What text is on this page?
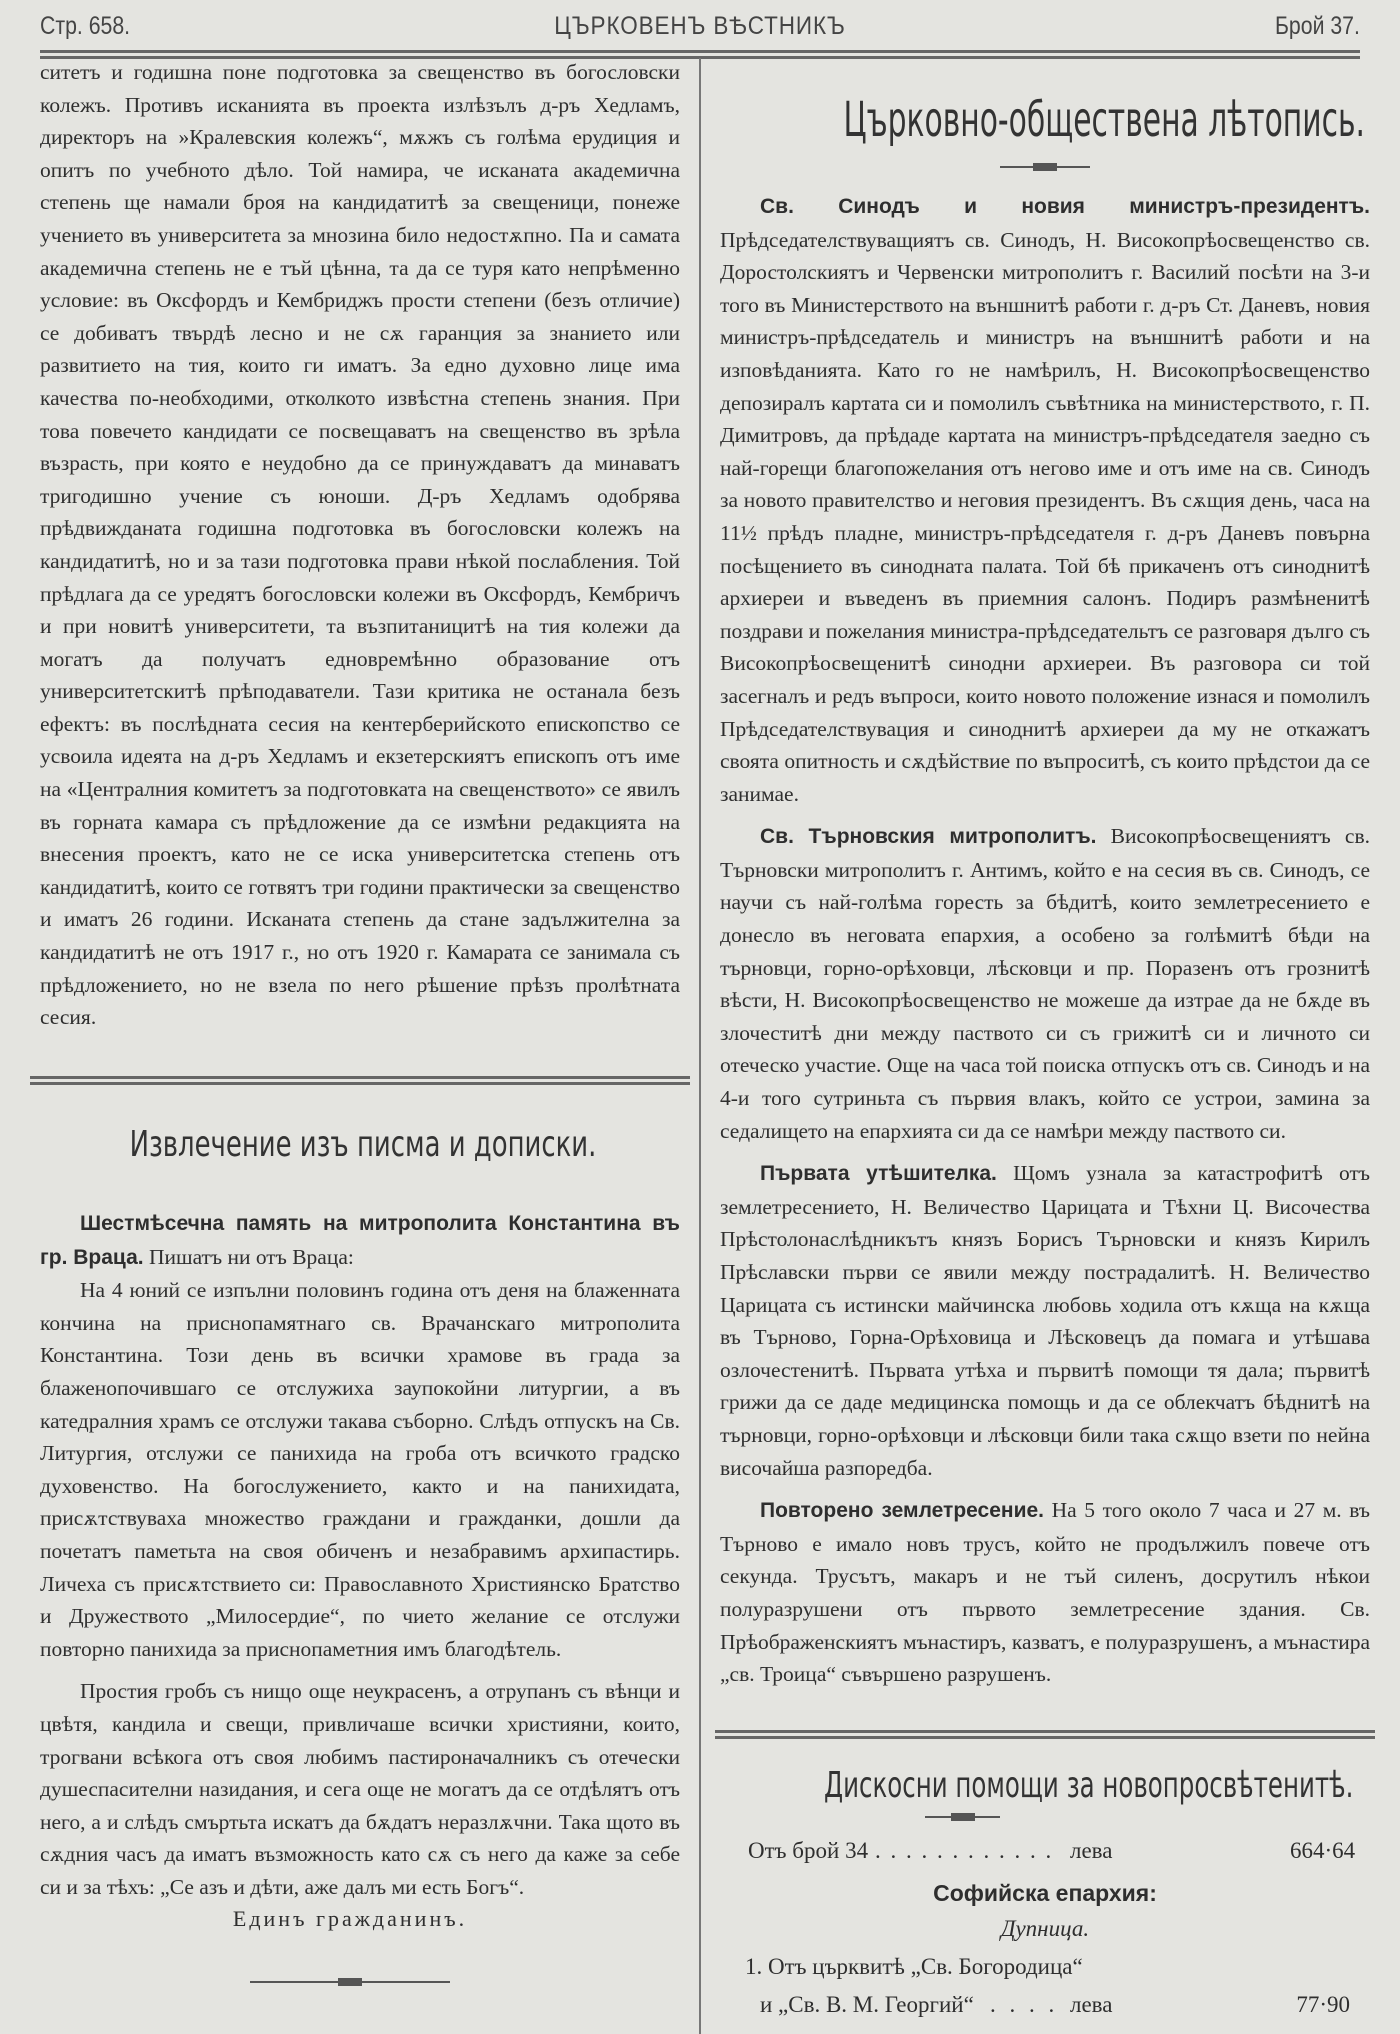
Стр. 658.	ЦЪРКОВЕНЪ ВѢСТНИКЪ	Брой 37.

ситетъ и годишна поне подготовка за свещенство въ богословски колежъ. Противъ исканията въ проекта излѣзълъ д-ръ Хедламъ, директоръ на »Кралевския колежъ“, мѫжъ съ голѣма ерудиция и опитъ по учебното дѣло. Той намира, че исканата академична степень ще намали броя на кандидатитѣ за свещеници, понеже учението въ университета за мнозина било недостѫпно. Па и самата академична степень не е тъй цѣнна, та да се туря като непрѣменно условие: въ Оксфордъ и Кембриджъ прости степени (безъ отличие) се добиватъ твърдѣ лесно и не сѫ гаранция за знанието или развитието на тия, които ги иматъ. За едно духовно лице има качества по-необходими, отколкото извѣстна степень знания. При това повечето кандидати се посвещаватъ на свещенство въ зрѣла възрасть, при която е неудобно да се принуждаватъ да минаватъ тригодишно учение съ юноши. Д-ръ Хедламъ одобрява прѣдвижданата годишна подготовка въ богословски колежъ на кандидатитѣ, но и за тази подготовка прави нѣкой послабления. Той прѣдлага да се уредятъ богословски колежи въ Оксфордъ, Кембричъ и при новитѣ университети, та възпитаницитѣ на тия колежи да могатъ да получатъ едновремѣнно образование отъ университетскитѣ прѣподаватели. Тази критика не останала безъ ефектъ: въ послѣдната сесия на кентерберийското епископство се усвоила идеята на д-ръ Хедламъ и екзетерскиятъ епископъ отъ име на «Централния комитетъ за подготовката на свещенството» се явилъ въ горната камара съ прѣдложение да се измѣни редакцията на внесения проектъ, като не се иска университетска степень отъ кандидатитѣ, които се готвятъ три години практически за свещенство и иматъ 26 години. Исканата степень да стане задължителна за кандидатитѣ не отъ 1917 г., но отъ 1920 г. Камарата се занимала съ прѣдложението, но не взела по него рѣшение прѣзъ пролѣтната сесия.

Извлечение изъ писма и дописки.

Шестмѣсечна память на митрополита Константина въ гр. Враца. Пишатъ ни отъ Враца:

На 4 юний се изпълни половинъ година отъ деня на блаженната кончина на приснопамятнаго св. Врачанскаго митрополита Константина. Този день въ всички храмове въ града за блаженопочившаго се отслужиха заупокойни литургии, а въ катедралния храмъ се отслужи такава съборно. Слѣдъ отпускъ на Св. Литургия, отслужи се панихида на гроба отъ всичкото градско духовенство. На богослужението, както и на панихидата, присѫтствуваха множество граждани и гражданки, дошли да почетатъ паметьта на своя обиченъ и незабравимъ архипастирь. Личеха съ присѫтствието си: Православното Християнско Братство и Дружеството „Милосердие“, по чието желание се отслужи повторно панихида за приснопаметния имъ благодѣтель.

Простия гробъ съ нищо още неукрасенъ, а отрупанъ съ вѣнци и цвѣтя, кандила и свещи, привличаше всички християни, които, трогвани всѣкога отъ своя любимъ пастироначалникъ съ отечески душеспасителни назидания, и сега още не могатъ да се отдѣлятъ отъ него, а и слѣдъ смъртьта искатъ да бѫдатъ неразлѫчни. Така щото въ сѫдния часъ да иматъ възможность като сѫ съ него да каже за себе си и за тѣхъ: „Се азъ и дѣти, аже далъ ми есть Богъ“.

Единъ гражданинъ.
Църковно-обществена лѣтопись.

Св. Синодъ и новия министръ-президентъ. Прѣдседателствуващиятъ св. Синодъ, Н. Високопрѣосвещенство св. Доростолскиятъ и Червенски митрополитъ г. Василий посѣти на 3-и того въ Министерството на външнитѣ работи г. д-ръ Ст. Даневъ, новия министръ-прѣдседатель и министръ на външнитѣ работи и на изповѣданията. Като го не намѣрилъ, Н. Високопрѣосвещенство депозиралъ картата си и помолилъ съвѣтника на министерството, г. П. Димитровъ, да прѣдаде картата на министръ-прѣдседателя заедно съ най-горещи благопожелания отъ негово име и отъ име на св. Синодъ за новото правителство и неговия президентъ. Въ сѫщия день, часа на 11½ прѣдъ пладне, министръ-прѣдседателя г. д-ръ Даневъ повърна посѣщението въ синодната палата. Той бѣ прикаченъ отъ синоднитѣ архиереи и въведенъ въ приемния салонъ. Подиръ размѣненитѣ поздрави и пожелания министра-прѣдседательтъ се разговаря дълго съ Високопрѣосвещенитѣ синодни архиереи. Въ разговора си той засегналъ и редъ въпроси, които новото положение изнася и помолилъ Прѣдседателствувация и синоднитѣ архиереи да му не откажатъ своята опитность и сѫдѣйствие по въпроситѣ, съ които прѣдстои да се занимае.

Св. Търновския митрополитъ. Високопрѣосвещениятъ св. Търновски митрополитъ г. Антимъ, който е на сесия въ св. Синодъ, се научи съ най-голѣма горесть за бѣдитѣ, които землетресението е донесло въ неговата епархия, а особено за голѣмитѣ бѣди на търновци, горно-орѣховци, лѣсковци и пр. Поразенъ отъ грознитѣ вѣсти, Н. Високопрѣосвещенство не можеше да изтрае да не бѫде въ злочеститѣ дни между паството си съ грижитѣ си и личното си отеческо участие. Още на часа той поиска отпускъ отъ св. Синодъ и на 4-и того сутриньта съ първия влакъ, който се устрои, замина за седалището на епархията си да се намѣри между паството си.

Първата утѣшителка. Щомъ узнала за катастрофитѣ отъ землетресението, Н. Величество Царицата и Тѣхни Ц. Височества Прѣстолонаслѣдникътъ князъ Борисъ Търновски и князъ Кирилъ Прѣславски първи се явили между пострадалитѣ. Н. Величество Царицата съ истински майчинска любовь ходила отъ кѫща на кѫща въ Търново, Горна-Орѣховица и Лѣсковецъ да помага и утѣшава озлочестенитѣ. Първата утѣха и първитѣ помощи тя дала; първитѣ грижи да се даде медицинска помощь и да се облекчатъ бѣднитѣ на търновци, горно-орѣховци и лѣсковци били така сѫщо взети по нейна височайша разпоредба.

Повторено землетресение. На 5 того около 7 часа и 27 м. въ Търново е имало новъ трусъ, който не продължилъ повече отъ секунда. Трусътъ, макаръ и не тъй силенъ, досрутилъ нѣкои полуразрушени отъ първото землетресение здания. Св. Прѣображенскиятъ мънастиръ, казватъ, е полуразрушенъ, а мънастира „св. Троица“ съвършено разрушенъ.

Дискосни помощи за новопросвѣтенитѣ.
Отъ брой 34 . . . . . . . . . . . . лева	664·64
Софийска епархия:
Дупница.
1. Отъ църквитѣ „Св. Богородица“
и „Св. В. М. Георгий“ . . . . лева	77·90
